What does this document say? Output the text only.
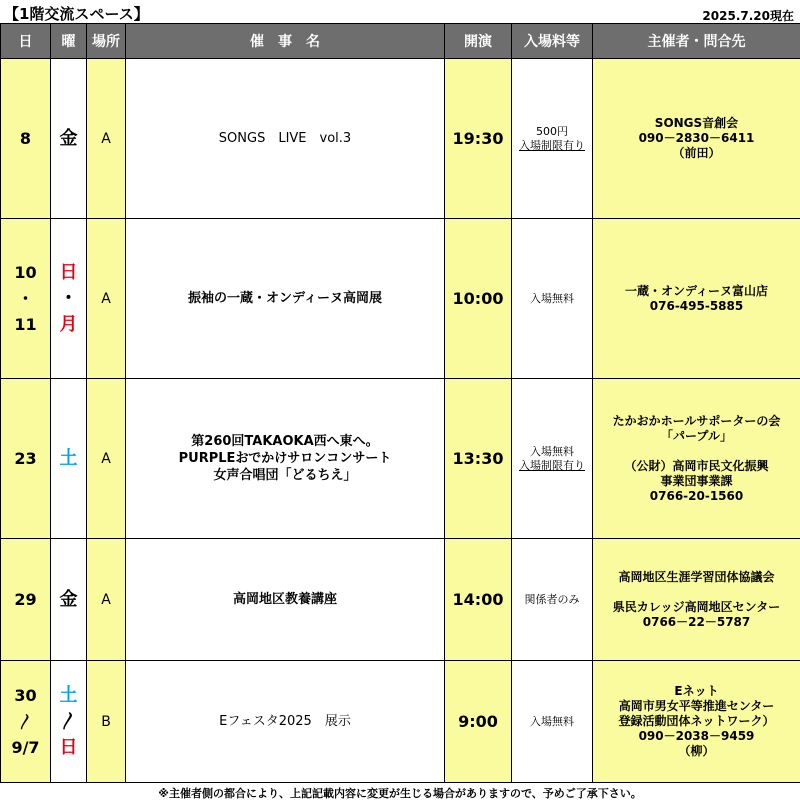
【1階交流スペース】	2025.7.20現在
日	曜	場所	催　事　名	開演	入場料等	主催者・問合先

8	金	A	SONGS　LIVE　vol.3	19:30	500円
入場制限有り	SONGS音創会
090－2830－6411
（前田）

10
・
11	日
・
月	A	振袖の一蔵・オンディーヌ高岡展	10:00	入場無料	一蔵・オンディーヌ富山店
076-495-5885

23	土	A	第260回TAKAOKA西へ東へ。
PURPLEおでかけサロンコンサート
女声合唱団「どるちえ」	13:30	入場無料
入場制限有り	たかおかホールサポーターの会
「パープル」

（公財）高岡市民文化振興
事業団事業課
0766-20-1560

29	金	A	高岡地区教養講座	14:00	関係者のみ	高岡地区生涯学習団体協議会

県民カレッジ高岡地区センター
0766－22－5787

30
〳
9/7	土
〳
日	B	Eフェスタ2025　展示	9:00	入場無料	Eネット
高岡市男女平等推進センター
登録活動団体ネットワーク）
090－2038－9459
（柳）
※主催者側の都合により、上記記載内容に変更が生じる場合がありますので、予めご了承下さい。
